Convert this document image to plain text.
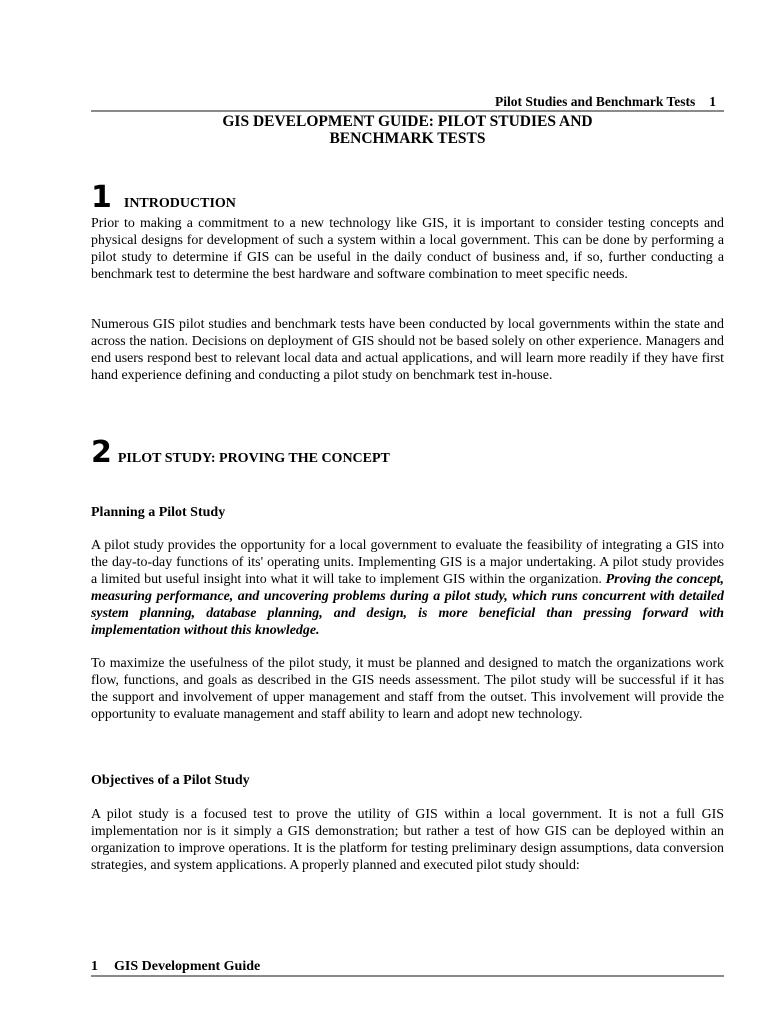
Pilot Studies and Benchmark Tests 1
GIS DEVELOPMENT GUIDE: PILOT STUDIES AND
BENCHMARK TESTS
1 INTRODUCTION

Prior to making a commitment to a new technology like GIS, it is important to consider testing concepts and physical designs for development of such a system within a local government. This can be done by performing a pilot study to determine if GIS can be useful in the daily conduct of business and, if so, further conducting a benchmark test to determine the best hardware and software combination to meet specific needs.

Numerous GIS pilot studies and benchmark tests have been conducted by local governments within the state and across the nation. Decisions on deployment of GIS should not be based solely on other experience. Managers and end users respond best to relevant local data and actual applications, and will learn more readily if they have first hand experience defining and conducting a pilot study on benchmark test in-house.

2 PILOT STUDY: PROVING THE CONCEPT
Planning a Pilot Study

A pilot study provides the opportunity for a local government to evaluate the feasibility of integrating a GIS into the day-to-day functions of its' operating units. Implementing GIS is a major undertaking. A pilot study provides a limited but useful insight into what it will take to implement GIS within the organization. Proving the concept, measuring performance, and uncovering problems during a pilot study, which runs concurrent with detailed system planning, database planning, and design, is more beneficial than pressing forward with implementation without this knowledge.

To maximize the usefulness of the pilot study, it must be planned and designed to match the organizations work flow, functions, and goals as described in the GIS needs assessment. The pilot study will be successful if it has the support and involvement of upper management and staff from the outset. This involvement will provide the opportunity to evaluate management and staff ability to learn and adopt new technology.

Objectives of a Pilot Study

A pilot study is a focused test to prove the utility of GIS within a local government. It is not a full GIS implementation nor is it simply a GIS demonstration; but rather a test of how GIS can be deployed within an organization to improve operations. It is the platform for testing preliminary design assumptions, data conversion strategies, and system applications. A properly planned and executed pilot study should:

1 GIS Development Guide
